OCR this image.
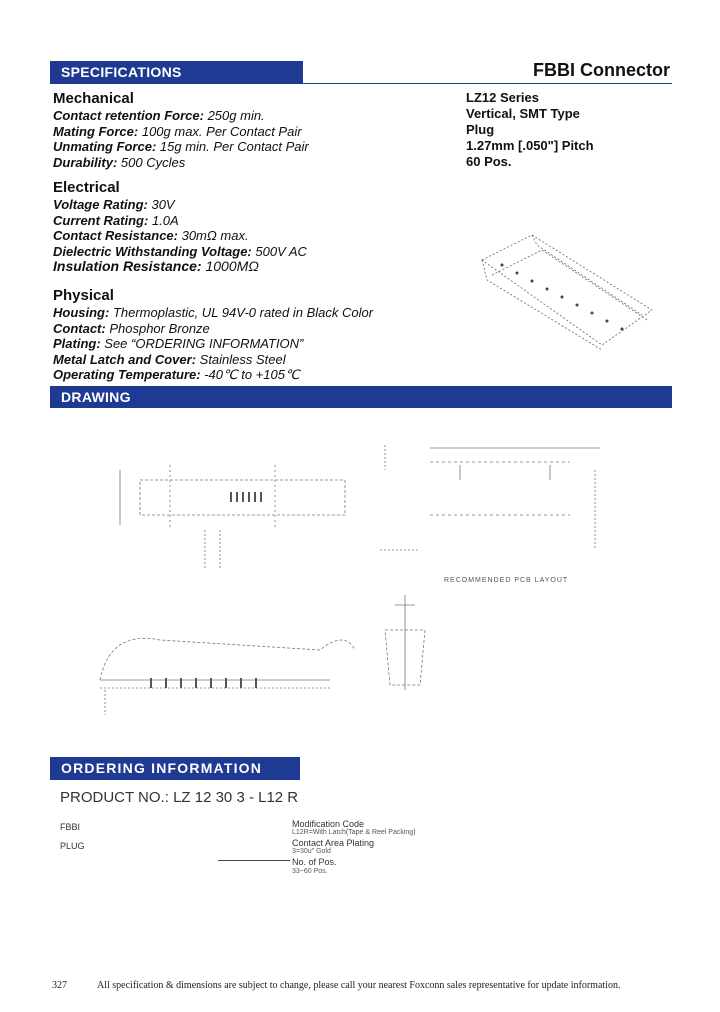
SPECIFICATIONS	FBBI Connector
LZ12 Series
Vertical, SMT Type
Plug
1.27mm [.050"] Pitch
60 Pos.
Mechanical
Contact retention Force: 250g min.
Mating Force: 100g max. Per Contact Pair
Unmating Force: 15g min. Per Contact Pair
Durability: 500 Cycles
Electrical
Voltage Rating: 30V
Current Rating: 1.0A
Contact Resistance: 30mΩ max.
Dielectric Withstanding Voltage: 500V AC
Insulation Resistance: 1000MΩ
Physical
Housing: Thermoplastic, UL 94V-0 rated in Black Color
Contact: Phosphor Bronze
Plating: See “ORDERING INFORMATION”
Metal Latch and Cover: Stainless Steel
Operating Temperature: -40℃ to +105℃
DRAWING
RECOMMENDED PCB LAYOUT
ORDERING INFORMATION
PRODUCT NO.: LZ 12 30 3 - L12 R
FBBI
PLUG
Modification Code
L12R=With Latch(Tape & Reel Packing)
Contact Area Plating
3=30u" Gold
No. of Pos.
33~60 Pos.
327	All specification & dimensions are subject to change, please call your nearest Foxconn sales representative for update information.
